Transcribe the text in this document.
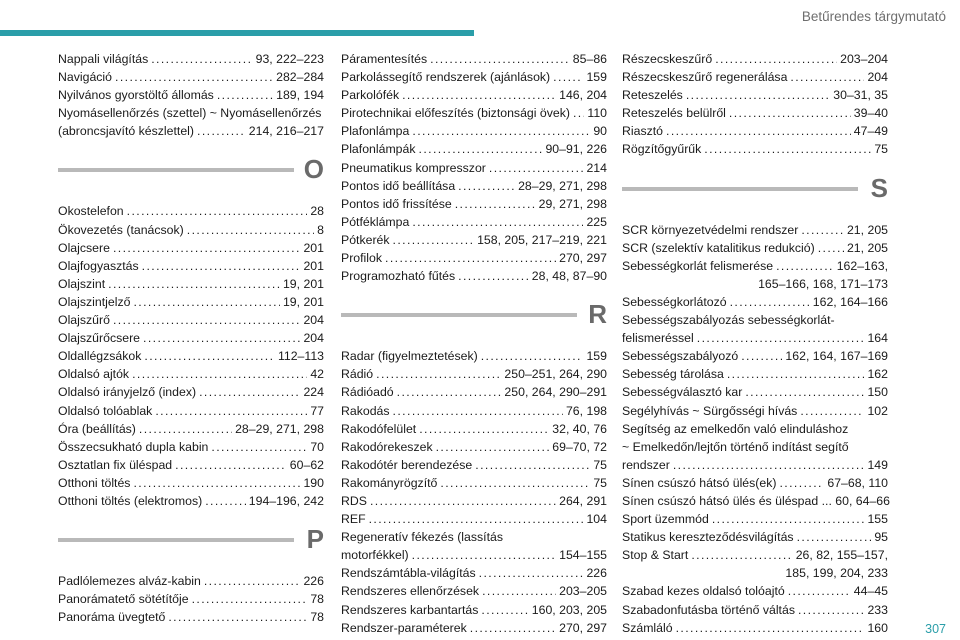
Betűrendes tárgymutató
Nappali világítás .....	93, 222–223
Navigáció .....	282–284
Nyilvános gyorstöltő állomás .....	189, 194
Nyomásellenőrzés (szettel) ~ Nyomásellenőrzés
(abroncsjavító készlettel) .....	214, 216–217
O
Okostelefon .....	28
Ökovezetés (tanácsok) .....	8
Olajcsere .....	201
Olajfogyasztás .....	201
Olajszint .....	19, 201
Olajszintjelző .....	19, 201
Olajszűrő .....	204
Olajszűrőcsere .....	204
Oldallégzsákok .....	112–113
Oldalsó ajtók .....	42
Oldalsó irányjelző (index) .....	224
Oldalsó tolóablak .....	77
Óra (beállítás) .....	28–29, 271, 298
Összecsukható dupla kabin .....	70
Osztatlan fix üléspad .....	60–62
Otthoni töltés .....	190
Otthoni töltés (elektromos) .....	194–196, 242
P
Padlólemezes alváz-kabin .....	226
Panorámatető sötétítője .....	78
Panoráma üvegtető .....	78
Páramentesítés .....	85–86
Parkolássegítő rendszerek (ajánlások) .....	159
Parkolófék .....	146, 204
Pirotechnikai előfeszítés (biztonsági övek) ..... 110
Plafonlámpa .....	90
Plafonlámpák .....	90–91, 226
Pneumatikus kompresszor .....	214
Pontos idő beállítása .....	28–29, 271, 298
Pontos idő frissítése .....	29, 271, 298
Pótféklámpa .....	225
Pótkerék .....	158, 205, 217–219, 221
Profilok .....	270, 297
Programozható fűtés .....	28, 48, 87–90
R
Radar (figyelmeztetések) .....	159
Rádió .....	250–251, 264, 290
Rádióadó .....	250, 264, 290–291
Rakodás .....	76, 198
Rakodófelület .....	32, 40, 76
Rakodórekeszek .....	69–70, 72
Rakodótér berendezése .....	75
Rakományrögzítő .....	75
RDS .....	264, 291
REF .....	104
Regeneratív fékezés (lassítás
motorfékkel) .....	154–155
Rendszámtábla-világítás .....	226
Rendszeres ellenőrzések .....	203–205
Rendszeres karbantartás .....	160, 203, 205
Rendszer-paraméterek .....	270, 297
Részecskeszűrő .....	203–204
Részecskeszűrő regenerálása .....	204
Reteszelés .....	30–31, 35
Reteszelés belülről .....	39–40
Riasztó .....	47–49
Rögzítőgyűrűk .....	75
S
SCR környezetvédelmi rendszer .....	21, 205
SCR (szelektív katalitikus redukció) .....	21, 205
Sebességkorlát felismerése .....	162–163,
165–166, 168, 171–173
Sebességkorlátozó .....	162, 164–166
Sebességszabályozás sebességkorlát-
felismeréssel .....	164
Sebességszabályozó .....	162, 164, 167–169
Sebesség tárolása .....	162
Sebességválasztó kar .....	150
Segélyhívás ~ Sürgősségi hívás .....	102
Segítség az emelkedőn való elinduláshoz
~ Emelkedőn/lejtőn történő indítást segítő
rendszer .....	149
Sínen csúszó hátsó ülés(ek) .....	67–68, 110
Sínen csúszó hátsó ülés és üléspad ... 60, 64–66
Sport üzemmód .....	155
Statikus kereszteződésvilágítás .....	95
Stop & Start .....	26, 82, 155–157,
185, 199, 204, 233
Szabad kezes oldalsó tolóajtó .....	44–45
Szabadonfutásba történő váltás .....	233
Számláló .....	160	307
